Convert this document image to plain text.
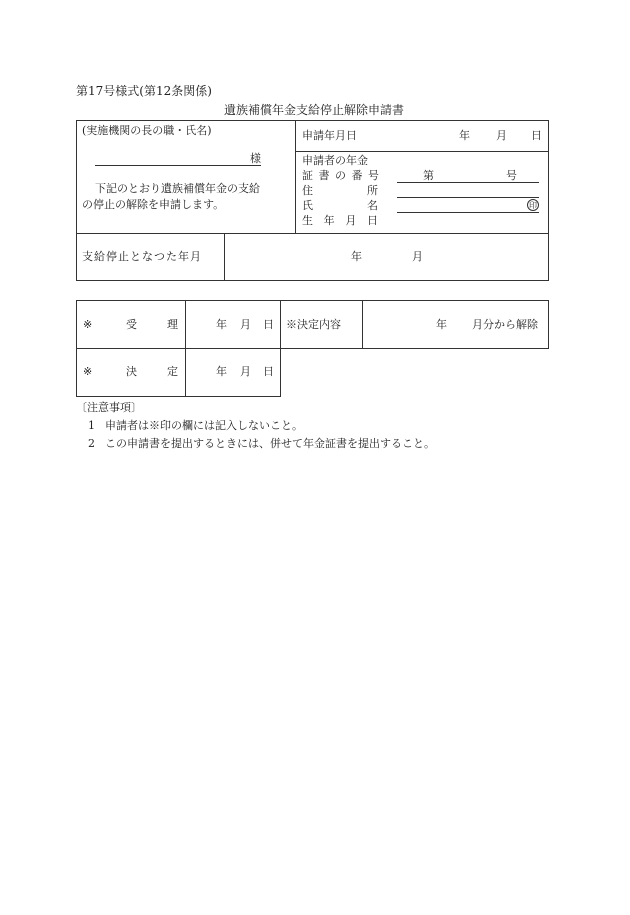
第17号様式(第12条関係)
遺族補償年金支給停止解除申請書
(実施機関の長の職・氏名)
様
下記のとおり遺族補償年金の支給
の停止の解除を申請します。
申請年月日	年 月 日
申請者の年金
証 書 の 番 号	第	号
住	所
氏	名	印
生 年 月 日
支給停止となつた年月	年	月
※	受	理	年 月 日 ※決定内容	年 月分から解除
※	決	定	年 月 日
〔注意事項〕
1 申請者は※印の欄には記入しないこと。
2 この申請書を提出するときには、併せて年金証書を提出すること。
